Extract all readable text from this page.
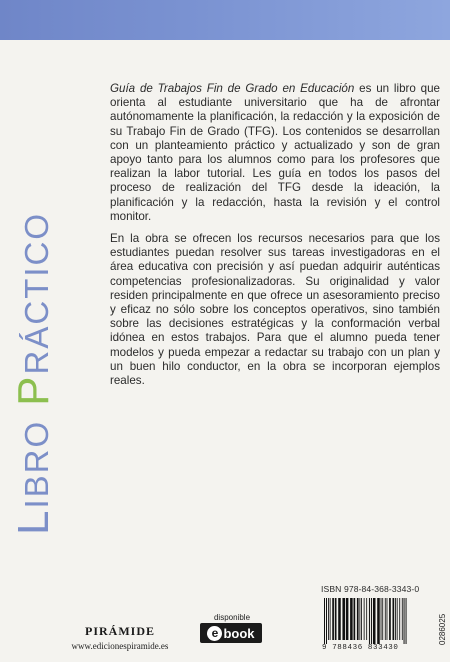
LIBROPRÁCTICO

Guía de Trabajos Fin de Grado en Educación es un libro que orienta al estudiante universitario que ha de afrontar autónomamente la planificación, la redacción y la exposición de su Trabajo Fin de Grado (TFG). Los contenidos se desarrollan con un planteamiento práctico y actualizado y son de gran apoyo tanto para los alumnos como para los profesores que realizan la labor tutorial. Les guía en todos los pasos del proceso de realización del TFG desde la ideación, la planificación y la redacción, hasta la revisión y el control monitor.

En la obra se ofrecen los recursos necesarios para que los estudiantes puedan resolver sus tareas investigadoras en el área educativa con precisión y así puedan adquirir auténticas competencias profesionalizadoras. Su originalidad y valor residen principalmente en que ofrece un asesoramiento preciso y eficaz no sólo sobre los conceptos operativos, sino también sobre las decisiones estratégicas y la conformación verbal idónea en estos trabajos. Para que el alumno pueda tener modelos y pueda empezar a redactar su trabajo con un plan y un buen hilo conductor, en la obra se incorporan ejemplos reales.

ISBN 978-84-368-3343-0
9 788436 833430
0286025
PIRÁMIDE
www.edicionespiramide.es
disponible
e book
